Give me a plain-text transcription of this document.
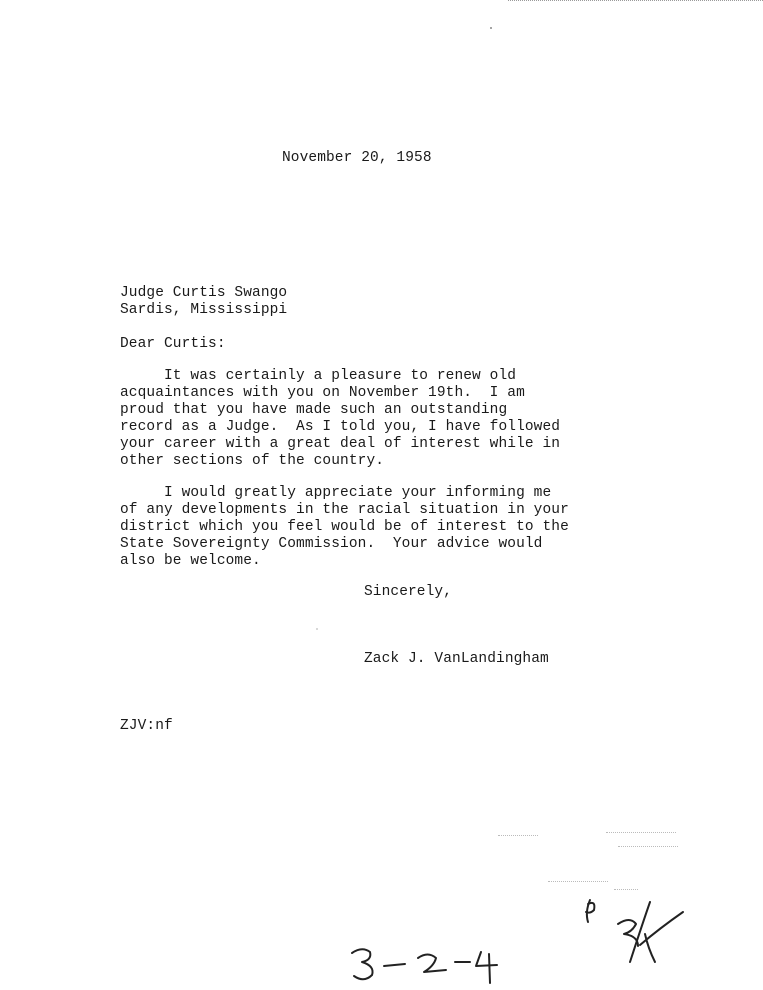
November 20, 1958
Judge Curtis Swango
Sardis, Mississippi
Dear Curtis:
It was certainly a pleasure to renew old
acquaintances with you on November 19th.  I am
proud that you have made such an outstanding
record as a Judge.  As I told you, I have followed
your career with a great deal of interest while in
other sections of the country.
I would greatly appreciate your informing me
of any developments in the racial situation in your
district which you feel would be of interest to the
State Sovereignty Commission.  Your advice would
also be welcome.
Sincerely,
Zack J. VanLandingham
ZJV:nf
